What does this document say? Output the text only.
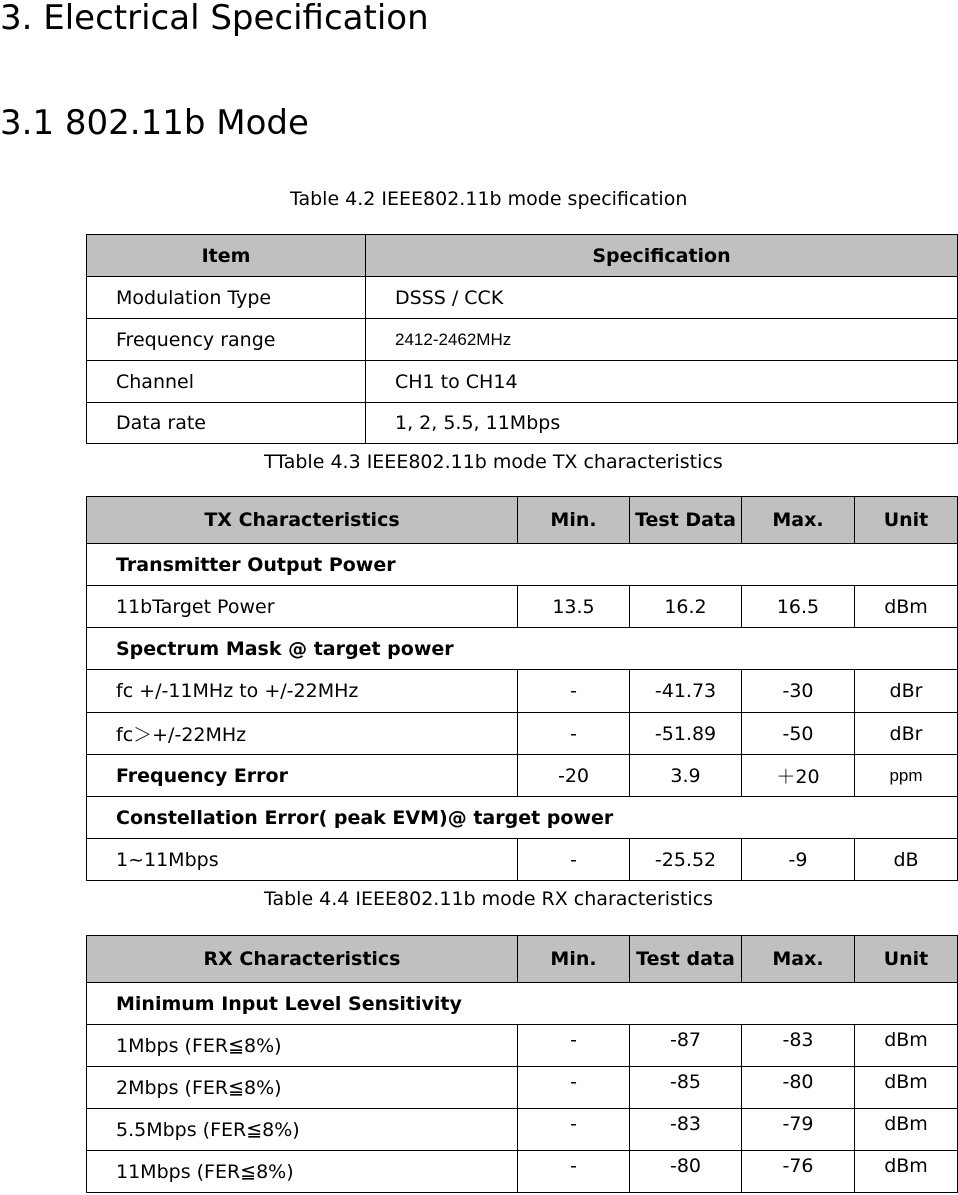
3. Electrical Specification
3.1 802.11b Mode
Table 4.2 IEEE802.11b mode specification
Item	Specification
Modulation Type	DSSS / CCK
Frequency range	2412-2462MHz
Channel	CH1 to CH14
Data rate	1, 2, 5.5, 11Mbps
TTable 4.3 IEEE802.11b mode TX characteristics
TX Characteristics	Min.	Test Data	Max.	Unit
Transmitter Output Power				
11bTarget Power	13.5	16.2	16.5	dBm
Spectrum Mask @ target power				
fc +/-11MHz to +/-22MHz	-	-41.73	-30	dBr
fc＞+/-22MHz	-	-51.89	-50	dBr
Frequency Error	-20	3.9	＋20	ppm
Constellation Error( peak EVM)@ target power				
1~11Mbps	-	-25.52	-9	dB
Table 4.4 IEEE802.11b mode RX characteristics
RX Characteristics	Min.	Test data	Max.	Unit
Minimum Input Level Sensitivity				
1Mbps (FER≦8%)	-	-87	-83	dBm
2Mbps (FER≦8%)	-	-85	-80	dBm
5.5Mbps (FER≦8%)	-	-83	-79	dBm
11Mbps (FER≦8%)	-	-80	-76	dBm
